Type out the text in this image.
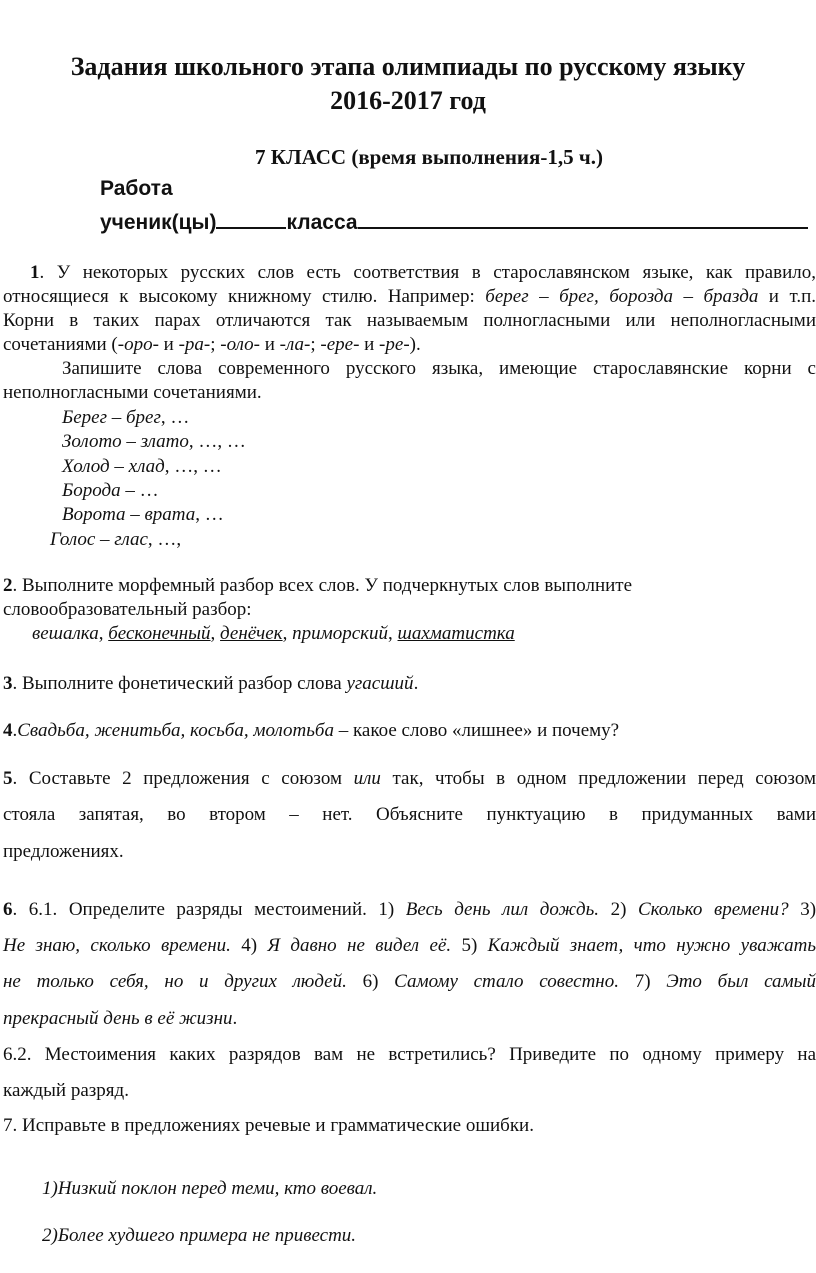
Задания школьного этапа олимпиады по русскому языку
2016-2017 год
7 КЛАСС (время выполнения-1,5 ч.)
Работа
ученик(цы)	класса
1. У некоторых русских слов есть соответствия в старославянском языке, как правило,
относящиеся к высокому книжному стилю. Например: берег – брег, борозда – бразда и т.п.
Корни в таких парах отличаются так называемым полногласными или неполногласными
сочетаниями (-оро- и -ра-; -оло- и -ла-; -ере- и -ре-).
Запишите слова современного русского языка, имеющие старославянские корни с
неполногласными сочетаниями.
Берег – брег, …
Золото – злато, …, …
Холод – хлад, …, …
Борода – …
Ворота – врата, …
Голос – глас, …,
2. Выполните морфемный разбор всех слов. У подчеркнутых слов выполните
словообразовательный разбор:
вешалка, бесконечный, денёчек, приморский, шахматистка
3. Выполните фонетический разбор слова угасший.
4.Свадьба, женитьба, косьба, молотьба – какое слово «лишнее» и почему?
5. Составьте 2 предложения с союзом или так, чтобы в одном предложении перед союзом
стояла запятая, во втором – нет. Объясните пунктуацию в придуманных вами
предложениях.
6. 6.1. Определите разряды местоимений. 1) Весь день лил дождь. 2) Сколько времени? 3)
Не знаю, сколько времени. 4) Я давно не видел её. 5) Каждый знает, что нужно уважать
не только себя, но и других людей. 6) Самому стало совестно. 7) Это был самый
прекрасный день в её жизни.
6.2. Местоимения каких разрядов вам не встретились? Приведите по одному примеру на
каждый разряд.
7. Исправьте в предложениях речевые и грамматические ошибки.
1)Низкий поклон перед теми, кто воевал.
2)Более худшего примера не привести.
